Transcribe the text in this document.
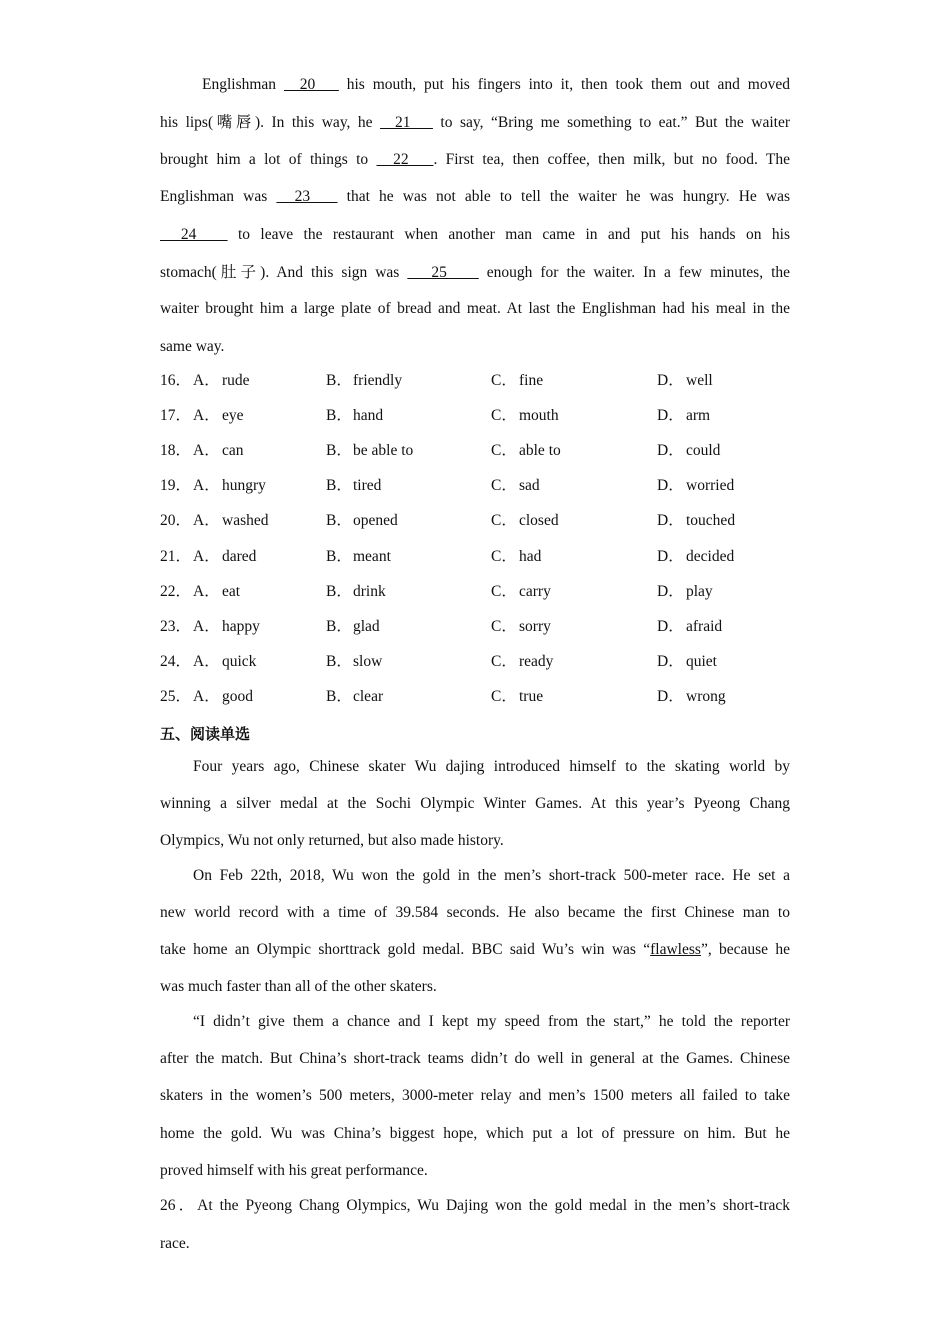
五、阅读单选
Englishman   20    his mouth, put his fingers into it, then took them out and moved
his lips(嘴唇). In this way, he   21    to say, “Bring me something to eat.” But the waiter
brought him a lot of things to   22   . First tea, then coffee, then milk, but no food. The
Englishman was   23    that he was not able to tell the waiter he was hungry. He was
24    to leave the restaurant when another man came in and put his hands on his
stomach(肚子). And this sign was    25     enough for the waiter. In a few minutes, the
waiter brought him a large plate of bread and meat. At last the Englishman had his meal in the
same way.
16． A． rude	B． friendly	C． fine	D． well
17． A． eye	B． hand	C． mouth	D． arm
18． A． can	B． be able to	C． able to	D． could
19． A． hungry	B． tired	C． sad	D． worried
20． A． washed	B． opened	C． closed	D． touched
21． A． dared	B． meant	C． had	D． decided
22． A． eat	B． drink	C． carry	D． play
23． A． happy	B． glad	C． sorry	D． afraid
24． A． quick	B． slow	C． ready	D． quiet
25． A． good	B． clear	C． true	D． wrong
Four years ago, Chinese skater Wu dajing introduced himself to the skating world by
winning a silver medal at the Sochi Olympic Winter Games. At this year’s Pyeong Chang
Olympics, Wu not only returned, but also made history.
On Feb 22th, 2018, Wu won the gold in the men’s short-track 500-meter race. He set a
new world record with a time of 39.584 seconds. He also became the first Chinese man to
take home an Olympic shorttrack gold medal. BBC said Wu’s win was “flawless”, because he
was much faster than all of the other skaters.
“I didn’t give them a chance and I kept my speed from the start,” he told the reporter
after the match. But China’s short-track teams didn’t do well in general at the Games. Chinese
skaters in the women’s 500 meters, 3000-meter relay and men’s 1500 meters all failed to take
home the gold. Wu was China’s biggest hope, which put a lot of pressure on him. But he
proved himself with his great performance.
26．At the Pyeong Chang Olympics, Wu Dajing won the gold medal in the men’s short-track
race.
